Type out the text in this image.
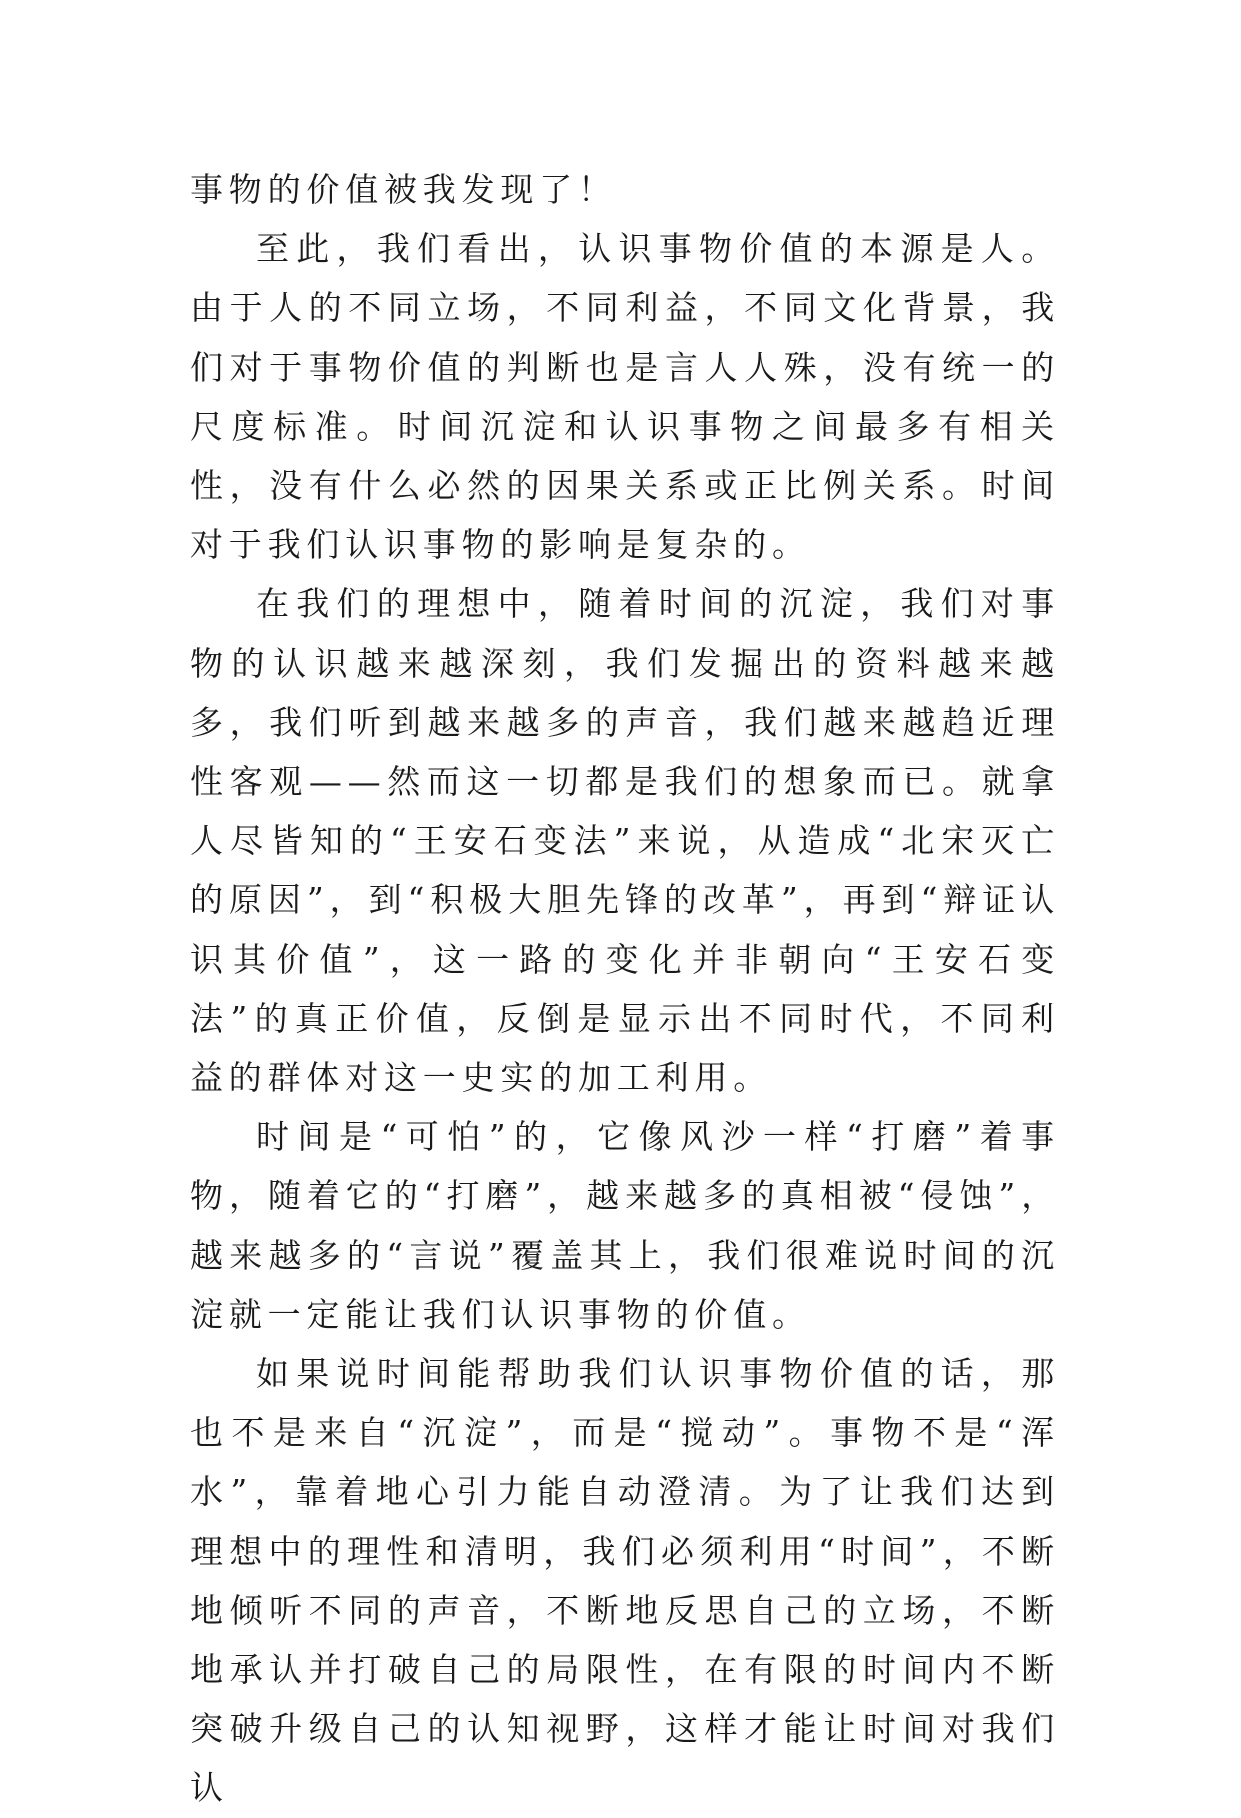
事物的价值被我发现了！

至此，我们看出，认识事物价值的本源是人。由于人的不同立场，不同利益，不同文化背景，我们对于事物价值的判断也是言人人殊，没有统一的尺度标准。时间沉淀和认识事物之间最多有相关性，没有什么必然的因果关系或正比例关系。时间对于我们认识事物的影响是复杂的。

在我们的理想中，随着时间的沉淀，我们对事物的认识越来越深刻，我们发掘出的资料越来越多，我们听到越来越多的声音，我们越来越趋近理性客观——然而这一切都是我们的想象而已。就拿人尽皆知的“王安石变法”来说，从造成“北宋灭亡的原因”，到“积极大胆先锋的改革”，再到“辩证认识其价值”，这一路的变化并非朝向“王安石变法”的真正价值，反倒是显示出不同时代，不同利益的群体对这一史实的加工利用。

时间是“可怕”的，它像风沙一样“打磨”着事物，随着它的“打磨”，越来越多的真相被“侵蚀”，越来越多的“言说”覆盖其上，我们很难说时间的沉淀就一定能让我们认识事物的价值。

如果说时间能帮助我们认识事物价值的话，那也不是来自“沉淀”，而是“搅动”。事物不是“浑水”，靠着地心引力能自动澄清。为了让我们达到理想中的理性和清明，我们必须利用“时间”，不断地倾听不同的声音，不断地反思自己的立场，不断地承认并打破自己的局限性，在有限的时间内不断突破升级自己的认知视野，这样才能让时间对我们认
